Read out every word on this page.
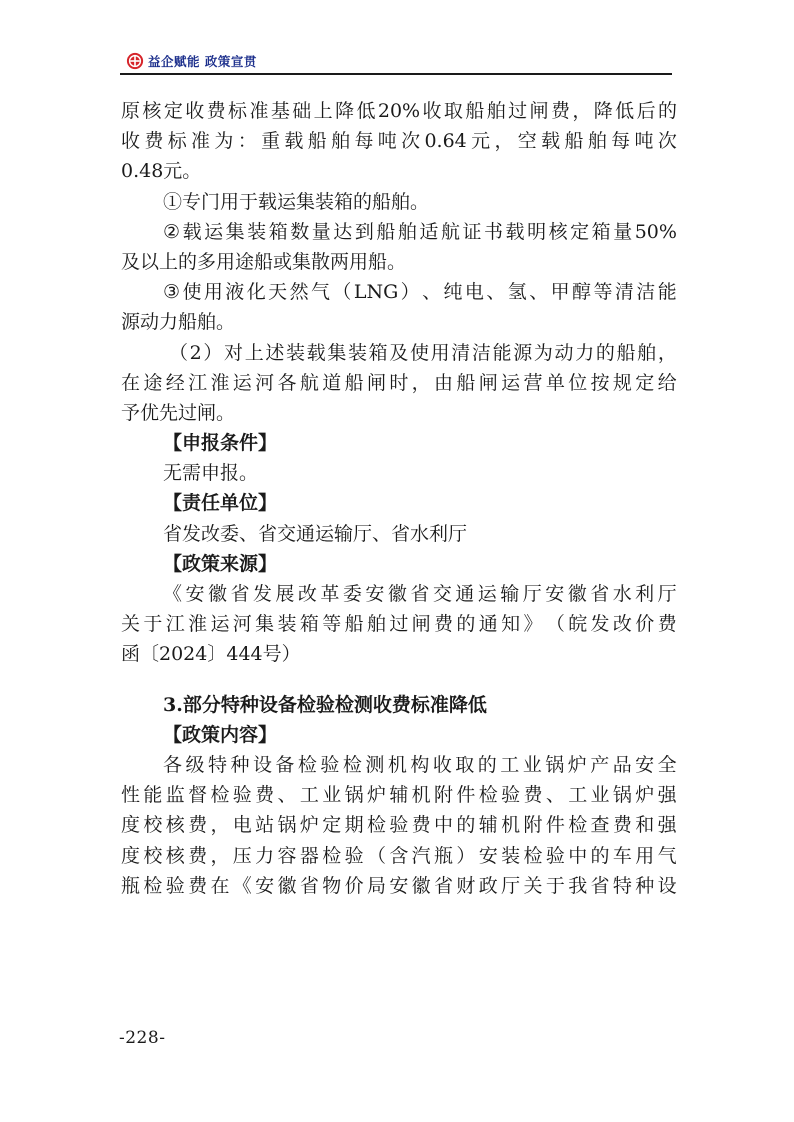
益企赋能 政策宣贯
原 核 定 收 费 标 准 基 础 上 降 低 20% 收 取 船 舶 过 闸 费 ， 降 低 后 的
收 费 标 准 为 ： 重 载 船 舶 每 吨 次 0.64 元 ， 空 载 船 舶 每 吨 次
0.48元。
①专门用于载运集装箱的船舶。
② 载 运 集 装 箱 数 量 达 到 船 舶 适 航 证 书 载 明 核 定 箱 量 50%
及以上的多用途船或集散两用船。
③ 使 用 液 化 天 然 气 （ LNG ） 、 纯 电 、 氢 、 甲 醇 等 清 洁 能
源动力船舶。
（ 2 ） 对 上 述 装 载 集 装 箱 及 使 用 清 洁 能 源 为 动 力 的 船 舶 ，
在 途 经 江 淮 运 河 各 航 道 船 闸 时 ， 由 船 闸 运 营 单 位 按 规 定 给
予优先过闸。
【申报条件】
无需申报。
【责任单位】
省发改委、省交通运输厅、省水利厅
【政策来源】
《 安 徽 省 发 展 改 革 委 安 徽 省 交 通 运 输 厅 安 徽 省 水 利 厅
关 于 江 淮 运 河 集 装 箱 等 船 舶 过 闸 费 的 通 知 》 （ 皖 发 改 价 费
函〔2024〕444号）
3.部分特种设备检验检测收费标准降低
【政策内容】
各 级 特 种 设 备 检 验 检 测 机 构 收 取 的 工 业 锅 炉 产 品 安 全
性 能 监 督 检 验 费 、 工 业 锅 炉 辅 机 附 件 检 验 费 、 工 业 锅 炉 强
度 校 核 费 ， 电 站 锅 炉 定 期 检 验 费 中 的 辅 机 附 件 检 查 费 和 强
度 校 核 费 ， 压 力 容 器 检 验 （ 含 汽 瓶 ） 安 装 检 验 中 的 车 用 气
瓶 检 验 费 在 《 安 徽 省 物 价 局 安 徽 省 财 政 厅 关 于 我 省 特 种 设
-228-
